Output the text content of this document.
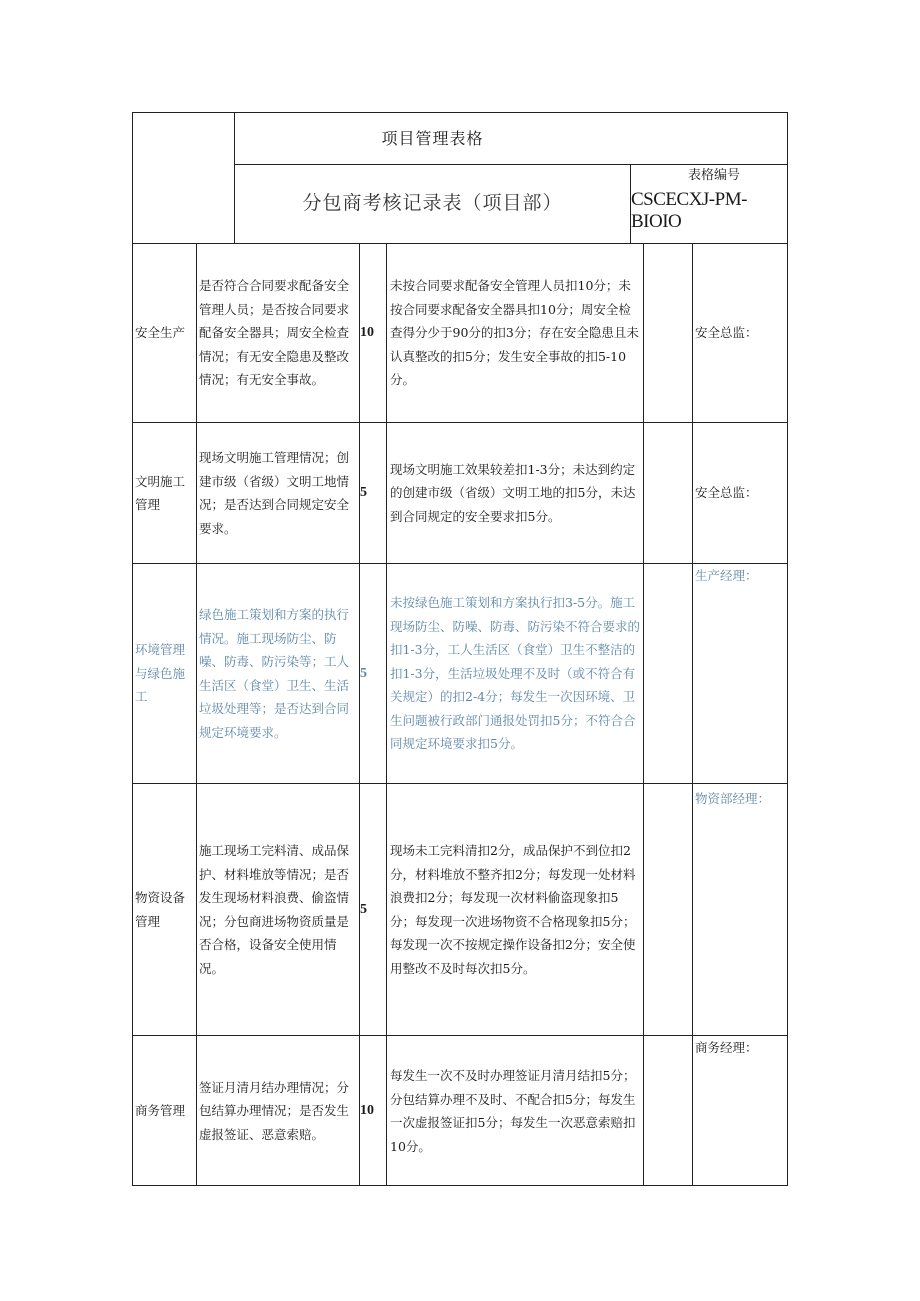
项目管理表格
分包商考核记录表（项目部）
表格编号
CSCECXJ-PM-
BIOIO
安全生产
是否符合合同要求配备安全管理人员；是否按合同要求配备安全器具；周安全检查情况；有无安全隐患及整改情况；有无安全事故。
10
未按合同要求配备安全管理人员扣10分；未按合同要求配备安全器具扣10分；周安全检查得分少于90分的扣3分；存在安全隐患且未认真整改的扣5分；发生安全事故的扣5-10分。
安全总监：
文明施工管理
现场文明施工管理情况；创建市级（省级）文明工地情况；是否达到合同规定安全要求。
5
现场文明施工效果较差扣1-3分；未达到约定的创建市级（省级）文明工地的扣5分，未达到合同规定的安全要求扣5分。
安全总监：
环境管理与绿色施工
绿色施工策划和方案的执行情况。施工现场防尘、防噪、防毒、防污染等；工人生活区（食堂）卫生、生活垃圾处理等；是否达到合同规定环境要求。
5
未按绿色施工策划和方案执行扣3-5分。施工现场防尘、防噪、防毒、防污染不符合要求的扣1-3分，工人生活区（食堂）卫生不整洁的扣1-3分，生活垃圾处理不及时（或不符合有关规定）的扣2-4分；每发生一次因环境、卫生问题被行政部门通报处罚扣5分；不符合合同规定环境要求扣5分。
生产经理：
物资设备管理
施工现场工完料清、成品保护、材料堆放等情况；是否发生现场材料浪费、偷盗情况；分包商进场物资质量是否合格，设备安全使用情况。
5
现场未工完料清扣2分，成品保护不到位扣2分，材料堆放不整齐扣2分；每发现一处材料浪费扣2分；每发现一次材料偷盗现象扣5分；每发现一次进场物资不合格现象扣5分；每发现一次不按规定操作设备扣2分；安全使用整改不及时每次扣5分。
物资部经理：
商务管理
签证月清月结办理情况；分包结算办理情况；是否发生虚报签证、恶意索赔。
10
每发生一次不及时办理签证月清月结扣5分；分包结算办理不及时、不配合扣5分；每发生一次虚报签证扣5分；每发生一次恶意索赔扣10分。
商务经理：
